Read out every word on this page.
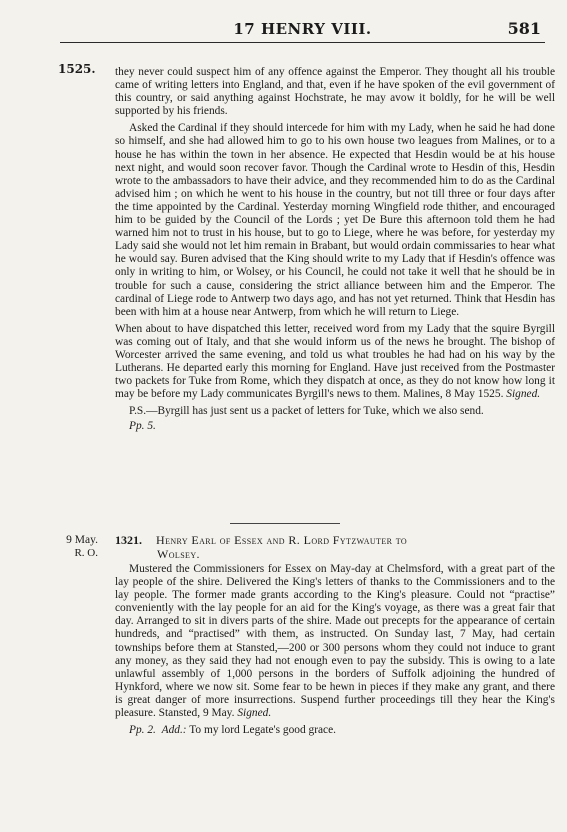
17 HENRY VIII.	581
1525. they never could suspect him of any offence against the Emperor. They thought all his trouble came of writing letters into England, and that, even if he have spoken of the evil government of this country, or said anything against Hochstrate, he may avow it boldly, for he will be well supported by his friends.

Asked the Cardinal if they should intercede for him with my Lady, when he said he had done so himself, and she had allowed him to go to his own house two leagues from Malines, or to a house he has within the town in her absence. He expected that Hesdin would be at his house next night, and would soon recover favor. Though the Cardinal wrote to Hesdin of this, Hesdin wrote to the ambassadors to have their advice, and they recommended him to do as the Cardinal advised him ; on which he went to his house in the country, but not till three or four days after the time appointed by the Cardinal. Yesterday morning Wingfield rode thither, and encouraged him to be guided by the Council of the Lords ; yet De Bure this afternoon told them he had warned him not to trust in his house, but to go to Liege, where he was before, for yesterday my Lady said she would not let him remain in Brabant, but would ordain commissaries to hear what he would say. Buren advised that the King should write to my Lady that if Hesdin's offence was only in writing to him, or Wolsey, or his Council, he could not take it well that he should be in trouble for such a cause, considering the strict alliance between him and the Emperor. The cardinal of Liege rode to Antwerp two days ago, and has not yet returned. Think that Hesdin has been with him at a house near Antwerp, from which he will return to Liege.

When about to have dispatched this letter, received word from my Lady that the squire Byrgill was coming out of Italy, and that she would inform us of the news he brought. The bishop of Worcester arrived the same evening, and told us what troubles he had had on his way by the Lutherans. He departed early this morning for England. Have just received from the Postmaster two packets for Tuke from Rome, which they dispatch at once, as they do not know how long it may be before my Lady communicates Byrgill's news to them. Malines, 8 May 1525. Signed.

P.S.—Byrgill has just sent us a packet of letters for Tuke, which we also send.

Pp. 5.

9 May.
R. O.
1321. Henry Earl of Essex and R. Lord Fytzwauter to
Wolsey.

Mustered the Commissioners for Essex on May-day at Chelmsford, with a great part of the lay people of the shire. Delivered the King's letters of thanks to the Commissioners and to the lay people. The former made grants according to the King's pleasure. Could not “practise” conveniently with the lay people for an aid for the King's voyage, as there was a great fair that day. Arranged to sit in divers parts of the shire. Made out precepts for the appearance of certain hundreds, and “practised” with them, as instructed. On Sunday last, 7 May, had certain townships before them at Stansted,—200 or 300 persons whom they could not induce to grant any money, as they said they had not enough even to pay the subsidy. This is owing to a late unlawful assembly of 1,000 persons in the borders of Suffolk adjoining the hundred of Hynkford, where we now sit. Some fear to be hewn in pieces if they make any grant, and there is great danger of more insurrections. Suspend further proceedings till they hear the King's pleasure. Stansted, 9 May. Signed.

Pp. 2. Add.: To my lord Legate's good grace.
